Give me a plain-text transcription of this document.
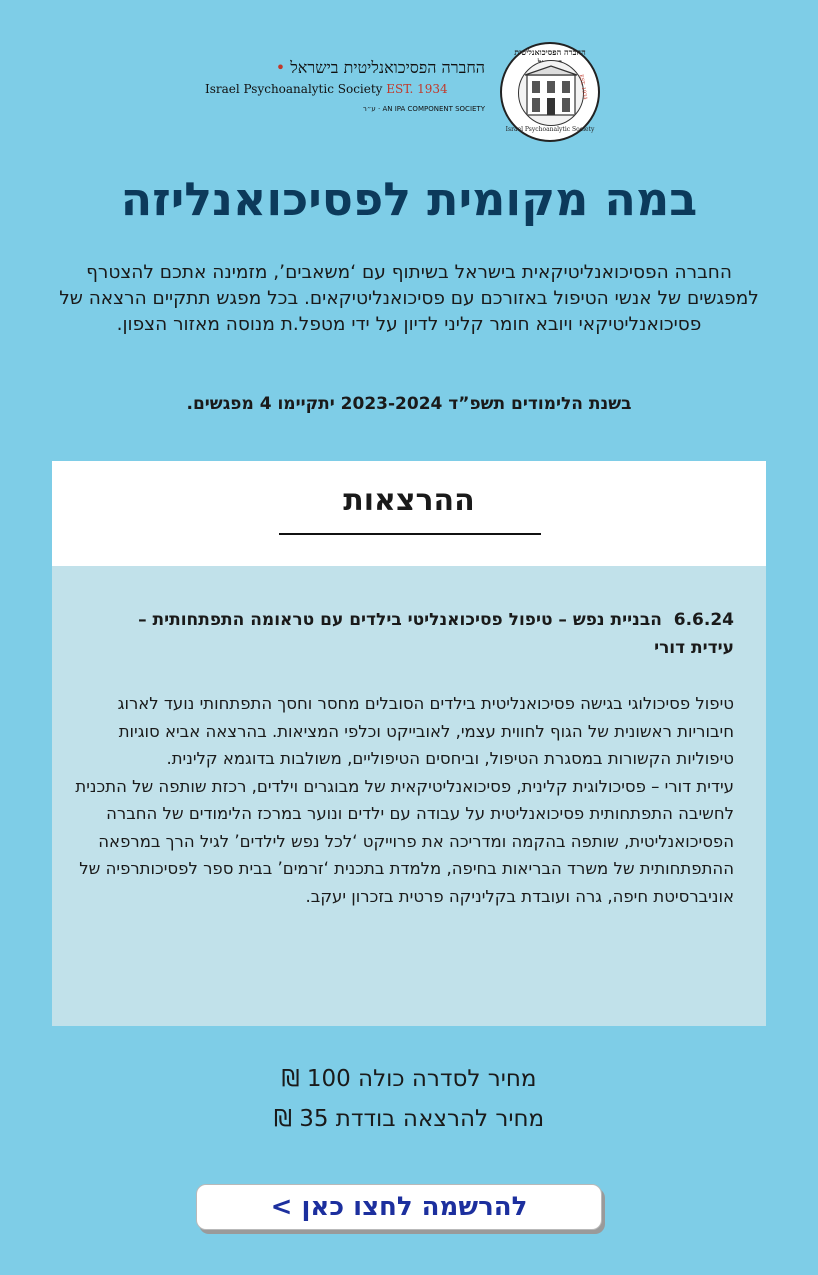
החברה הפסיכואנליטית
EST. 1934
Israel Psychoanalytic Society
החברה הפסיכואנליטית בישראל •
Israel Psychoanalytic Society EST. 1934
ע״ר · AN IPA COMPONENT SOCIETY
במה מקומית לפסיכואנליזה
החברה הפסיכואנליטיקאית בישראל בשיתוף עם ‘משאבים’, מזמינה אתכם להצטרף למפגשים של אנשי הטיפול באזורכם עם פסיכואנליטיקאים. בכל מפגש תתקיים הרצאה של פסיכואנליטיקאי ויובא חומר קליני לדיון על ידי מטפל.ת מנוסה מאזור הצפון.
בשנת הלימודים תשפ”ד 2023-2024 יתקיימו 4 מפגשים.
ההרצאות
6.6.24  הבניית נפש – טיפול פסיכואנליטי בילדים עם טראומה התפתחותית –
עידית דורי

טיפול פסיכולוגי בגישה פסיכואנליטית בילדים הסובלים מחסר וחסך התפתחותי נועד לארוג חיבוריות ראשונית של הגוף לחווית עצמי, לאובייקט וכלפי המציאות. בהרצאה אביא סוגיות טיפוליות הקשורות במסגרת הטיפול, וביחסים הטיפוליים, משולבות בדוגמא קלינית.

עידית דורי – פסיכולוגית קלינית, פסיכואנליטיקאית של מבוגרים וילדים, רכזת שותפה של התכנית לחשיבה התפתחותית פסיכואנליטית על עבודה עם ילדים ונוער במרכז הלימודים של החברה הפסיכואנליטית, שותפה בהקמה ומדריכה את פרוייקט ‘לכל נפש לילדים’ לגיל הרך במרפאה ההתפתחותית של משרד הבריאות בחיפה, מלמדת בתכנית ‘זרמים’ בבית ספר לפסיכותרפיה של אוניברסיטת חיפה, גרה ועובדת בקליניקה פרטית בזכרון יעקב.

מחיר לסדרה כולה 100 ₪
מחיר להרצאה בודדת 35 ₪
להרשמה לחצו כאן >
